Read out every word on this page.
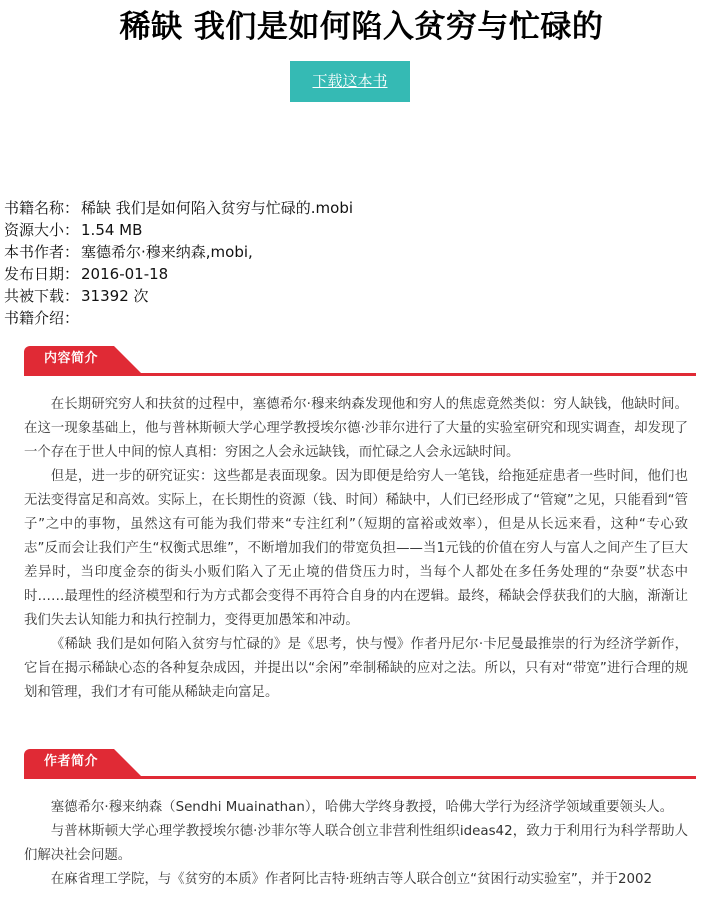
稀缺 我们是如何陷入贫穷与忙碌的
下载这本书
书籍名称： 稀缺 我们是如何陷入贫穷与忙碌的.mobi
资源大小： 1.54 MB
本书作者： 塞德希尔·穆来纳森,mobi,
发布日期： 2016-01-18
共被下载： 31392 次
书籍介绍：
内容简介

在长期研究穷人和扶贫的过程中，塞德希尔·穆来纳森发现他和穷人的焦虑竟然类似：穷人缺钱，他缺时间。在这一现象基础上，他与普林斯顿大学心理学教授埃尔德·沙菲尔进行了大量的实验室研究和现实调查，却发现了一个存在于世人中间的惊人真相：穷困之人会永远缺钱，而忙碌之人会永远缺时间。

但是，进一步的研究证实：这些都是表面现象。因为即便是给穷人一笔钱，给拖延症患者一些时间，他们也无法变得富足和高效。实际上，在长期性的资源（钱、时间）稀缺中，人们已经形成了“管窥”之见，只能看到“管子”之中的事物，虽然这有可能为我们带来“专注红利”（短期的富裕或效率），但是从长远来看，这种“专心致志”反而会让我们产生“权衡式思维”，不断增加我们的带宽负担——当1元钱的价值在穷人与富人之间产生了巨大差异时，当印度金奈的街头小贩们陷入了无止境的借贷压力时，当每个人都处在多任务处理的“杂耍”状态中时……最理性的经济模型和行为方式都会变得不再符合自身的内在逻辑。最终，稀缺会俘获我们的大脑，渐渐让我们失去认知能力和执行控制力，变得更加愚笨和冲动。

《稀缺 我们是如何陷入贫穷与忙碌的》是《思考，快与慢》作者丹尼尔·卡尼曼最推崇的行为经济学新作，它旨在揭示稀缺心态的各种复杂成因，并提出以“余闲”牵制稀缺的应对之法。所以，只有对“带宽”进行合理的规划和管理，我们才有可能从稀缺走向富足。

作者简介

塞德希尔·穆来纳森（Sendhi Muainathan），哈佛大学终身教授，哈佛大学行为经济学领域重要领头人。

与普林斯顿大学心理学教授埃尔德·沙菲尔等人联合创立非营利性组织ideas42，致力于利用行为科学帮助人们解决社会问题。

在麻省理工学院，与《贫穷的本质》作者阿比吉特·班纳吉等人联合创立“贫困行动实验室”，并于2002
